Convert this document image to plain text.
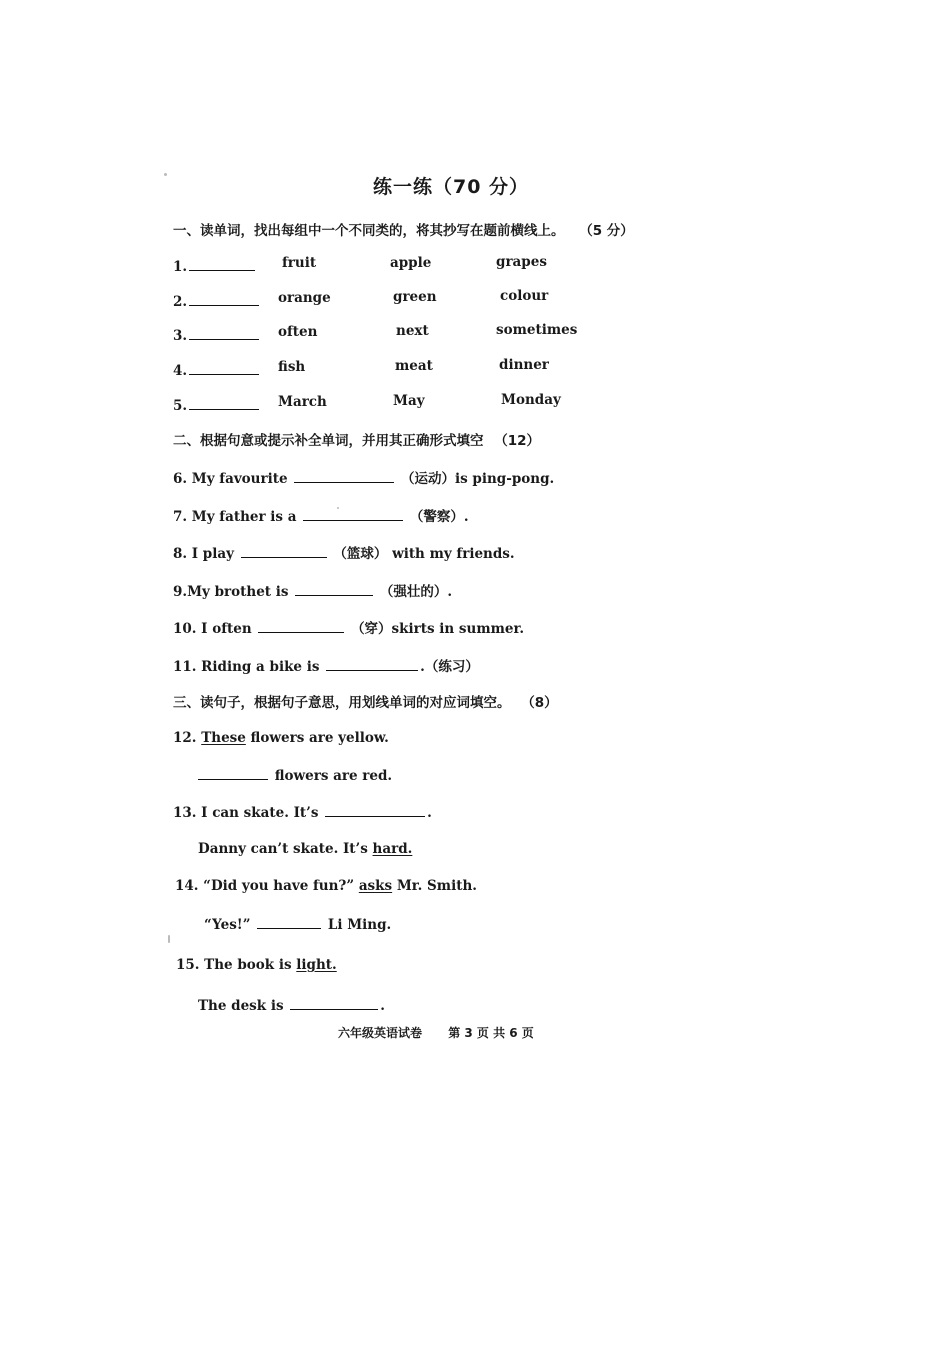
练一练（70 分）
一、读单词，找出每组中一个不同类的，将其抄写在题前横线上。 （5 分）
1.	fruit	apple	grapes
2.	orange	green	colour
3.	often	next	sometimes
4.	fish	meat	dinner
5.	March	May	Monday
二、根据句意或提示补全单词，并用其正确形式填空 （12）
6. My favourite	（运动）is ping-pong.
7. My father is a	（警察）.
8. I play	（篮球） with my friends.
9.My brothet is	（强壮的）.
10. I often	（穿）skirts in summer.
11. Riding a bike is	.（练习）
三、读句子，根据句子意思，用划线单词的对应词填空。 （8）
12. These flowers are yellow.
flowers are red.
13. I can skate. It’s	.
Danny can’t skate. It’s hard.
14. “Did you have fun?” asks Mr. Smith.
“Yes!”	Li Ming.
15. The book is light.
The desk is	.
六年级英语试卷 第 3 页 共 6 页
